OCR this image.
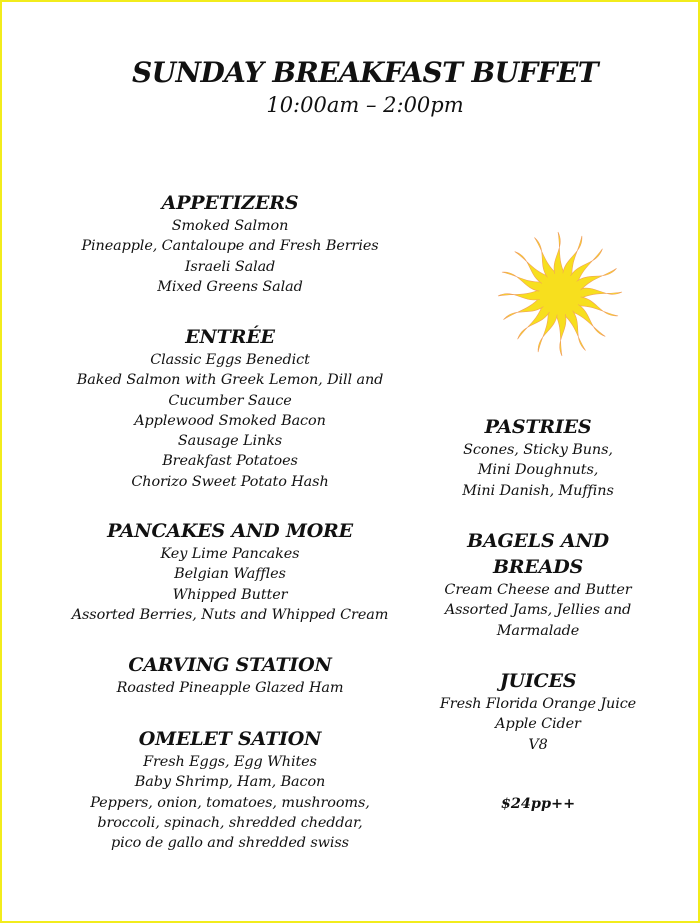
SUNDAY BREAKFAST BUFFET
10:00am – 2:00pm
APPETIZERS
Smoked Salmon
Pineapple, Cantaloupe and Fresh Berries
Israeli Salad
Mixed Greens Salad
ENTRÉE
Classic Eggs Benedict
Baked Salmon with Greek Lemon, Dill and
Cucumber Sauce
Applewood Smoked Bacon
Sausage Links
Breakfast Potatoes
Chorizo Sweet Potato Hash
PANCAKES AND MORE
Key Lime Pancakes
Belgian Waffles
Whipped Butter
Assorted Berries, Nuts and Whipped Cream
CARVING STATION
Roasted Pineapple Glazed Ham
OMELET SATION
Fresh Eggs, Egg Whites
Baby Shrimp, Ham, Bacon
Peppers, onion, tomatoes, mushrooms,
broccoli, spinach, shredded cheddar,
pico de gallo and shredded swiss
PASTRIES
Scones, Sticky Buns,
Mini Doughnuts,
Mini Danish, Muffins
BAGELS AND
BREADS
Cream Cheese and Butter
Assorted Jams, Jellies and
Marmalade
JUICES
Fresh Florida Orange Juice
Apple Cider
V8
$24pp++
